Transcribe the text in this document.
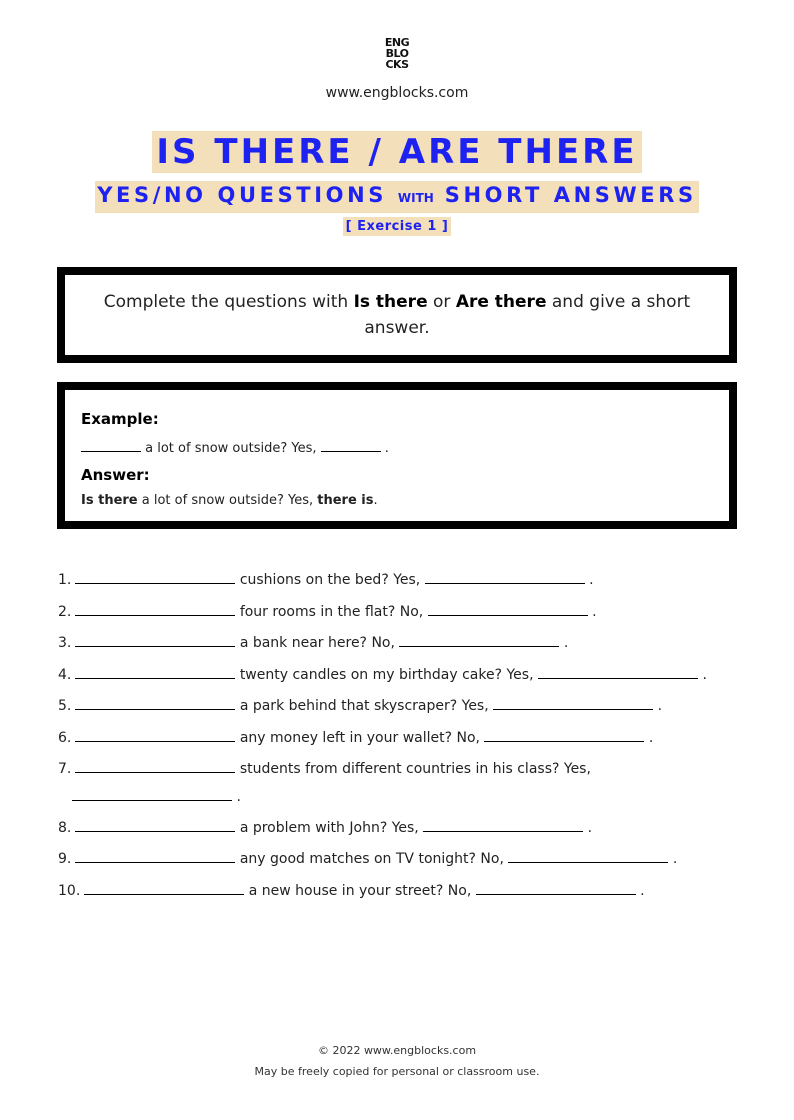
ENG
BLO
CKS
www.engblocks.com
IS THERE / ARE THERE
YES/NO QUESTIONS WITH SHORT ANSWERS
[ Exercise 1 ]

Complete the questions with Is there or Are there and give a short answer.

Example:
a lot of snow outside? Yes,	.
Answer:
Is there a lot of snow outside? Yes, there is.
1.	cushions on the bed? Yes,	.
2.	four rooms in the flat? No,	.
3.	a bank near here? No,	.
4.	twenty candles on my birthday cake? Yes,	.
5.	a park behind that skyscraper? Yes,	.
6.	any money left in your wallet? No,	.
7.	students from different countries in his class? Yes,
.
8.	a problem with John? Yes,	.
9.	any good matches on TV tonight? No,	.
10.	a new house in your street? No,	.
© 2022 www.engblocks.com
May be freely copied for personal or classroom use.
